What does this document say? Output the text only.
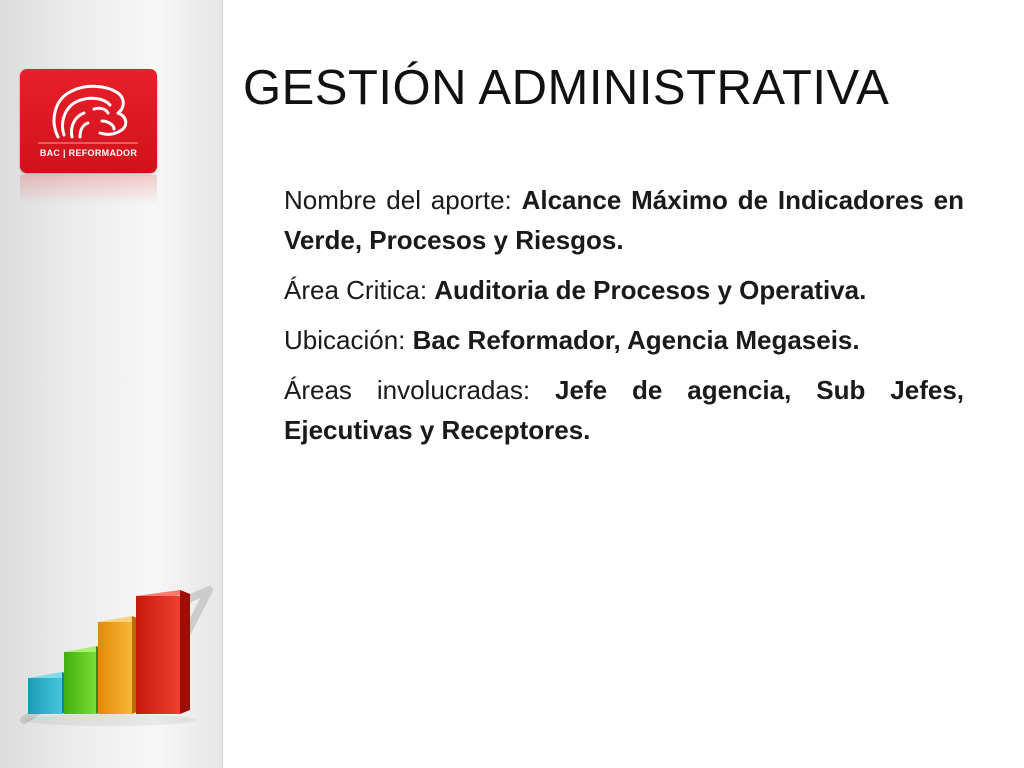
BAC | REFORMADOR
GESTIÓN ADMINISTRATIVA

Nombre del aporte: Alcance Máximo de Indicadores en Verde, Procesos y Riesgos.

Área Critica: Auditoria de Procesos y Operativa.

Ubicación: Bac Reformador, Agencia Megaseis.

Áreas involucradas: Jefe de agencia, Sub Jefes, Ejecutivas y Receptores.
